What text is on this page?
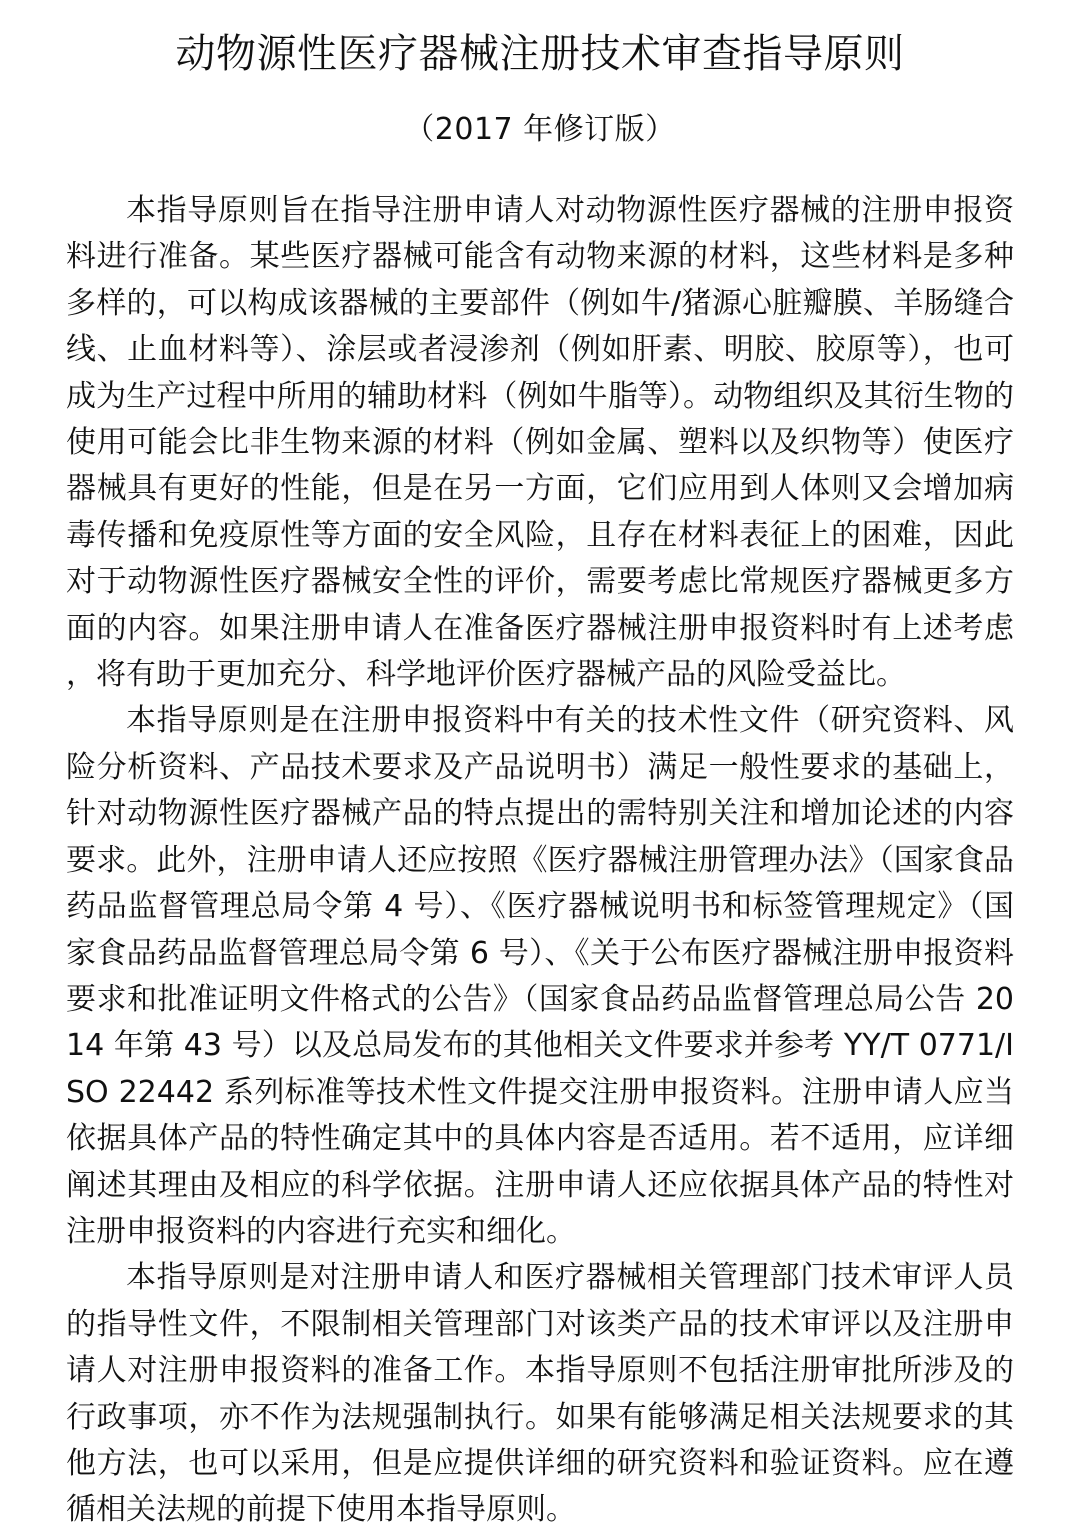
动物源性医疗器械注册技术审查指导原则
（2017 年修订版）

本指导原则旨在指导注册申请人对动物源性医疗器械的注册申报资料进行准备。某些医疗器械可能含有动物来源的材料，这些材料是多种多样的，可以构成该器械的主要部件（例如牛/猪源心脏瓣膜、羊肠缝合线、止血材料等）、涂层或者浸渗剂（例如肝素、明胶、胶原等），也可成为生产过程中所用的辅助材料（例如牛脂等）。动物组织及其衍生物的使用可能会比非生物来源的材料（例如金属、塑料以及织物等）使医疗器械具有更好的性能，但是在另一方面，它们应用到人体则又会增加病毒传播和免疫原性等方面的安全风险，且存在材料表征上的困难，因此对于动物源性医疗器械安全性的评价，需要考虑比常规医疗器械更多方面的内容。如果注册申请人在准备医疗器械注册申报资料时有上述考虑，将有助于更加充分、科学地评价医疗器械产品的风险受益比。

本指导原则是在注册申报资料中有关的技术性文件（研究资料、风险分析资料、产品技术要求及产品说明书）满足一般性要求的基础上，针对动物源性医疗器械产品的特点提出的需特别关注和增加论述的内容要求。此外，注册申请人还应按照《医疗器械注册管理办法》（国家食品药品监督管理总局令第 4 号）、《医疗器械说明书和标签管理规定》（国家食品药品监督管理总局令第 6 号）、《关于公布医疗器械注册申报资料要求和批准证明文件格式的公告》（国家食品药品监督管理总局公告 2014 年第 43 号）以及总局发布的其他相关文件要求并参考 YY/T 0771/ISO 22442 系列标准等技术性文件提交注册申报资料。注册申请人应当依据具体产品的特性确定其中的具体内容是否适用。若不适用，应详细阐述其理由及相应的科学依据。注册申请人还应依据具体产品的特性对注册申报资料的内容进行充实和细化。

本指导原则是对注册申请人和医疗器械相关管理部门技术审评人员的指导性文件，不限制相关管理部门对该类产品的技术审评以及注册申请人对注册申报资料的准备工作。本指导原则不包括注册审批所涉及的行政事项，亦不作为法规强制执行。如果有能够满足相关法规要求的其他方法，也可以采用，但是应提供详细的研究资料和验证资料。应在遵循相关法规的前提下使用本指导原则。
